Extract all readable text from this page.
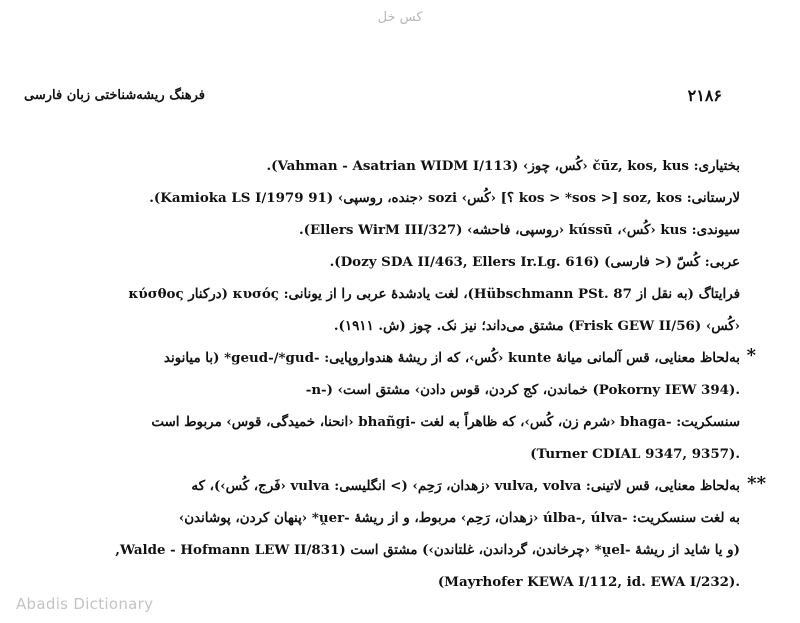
کس خل
۲۱۸۶
فرهنگ ریشه‌شناختی زبان فارسی
بختیاری: čūz, kos, kus ‹کُس، چوز› (Vahman - Asatrian WIDM I/113).
لارستانی: soz, kos [< kos > *sos ؟] ‹کُس› sozi ‹جنده، روسپی› (Kamioka LS I/1979 91).
سیوندی: kus ‹کُس›، kússū ‹روسپی، فاحشه› (Ellers WirM III/327).
عربی: کُسّ (< فارسی) (Dozy SDA II/463, Ellers Ir.Lg. 616).
فرایتاگ (به نقل از Hübschmann PSt. 87)، لغت یادشدهٔ عربی را از یونانی: κυσός (درکنار κύσθος
‹کُس› (Frisk GEW II/56) مشتق می‌داند؛ نیز نک. چوز (ش. ۱۹۱۱).
*
به‌لحاظ معنایی، قس آلمانی میانهٔ kunte ‹کُس›، که از ریشهٔ هندواروپایی: -geud-/*gud* (با میانوند
-n-) ‹خماندن، کج کردن، قوس دادن› مشتق است (Pokorny IEW 394).
سنسکریت: -bhaga ‹شرم زن، کُس›، که ظاهراً به لغت -bhañgi ‹انحنا، خمیدگی، قوس› مربوط است
(Turner CDIAL 9347, 9357).
**
به‌لحاظ معنایی، قس لاتینی: vulva, volva ‹زهدان، رَحِم› (> انگلیسی: vulva ‹فَرج، کُس›)، که
به لغت سنسکریت: -úlba-, úlva ‹زهدان، رَحِم› مربوط، و از ریشهٔ -ṷer* ‹پنهان کردن، پوشاندن›
(و یا شاید از ریشهٔ -ṷel* ‹چرخاندن، گرداندن، غلتاندن›) مشتق است (Walde - Hofmann LEW II/831,
(Mayrhofer KEWA I/112, id. EWA I/232).
Abadis Dictionary
